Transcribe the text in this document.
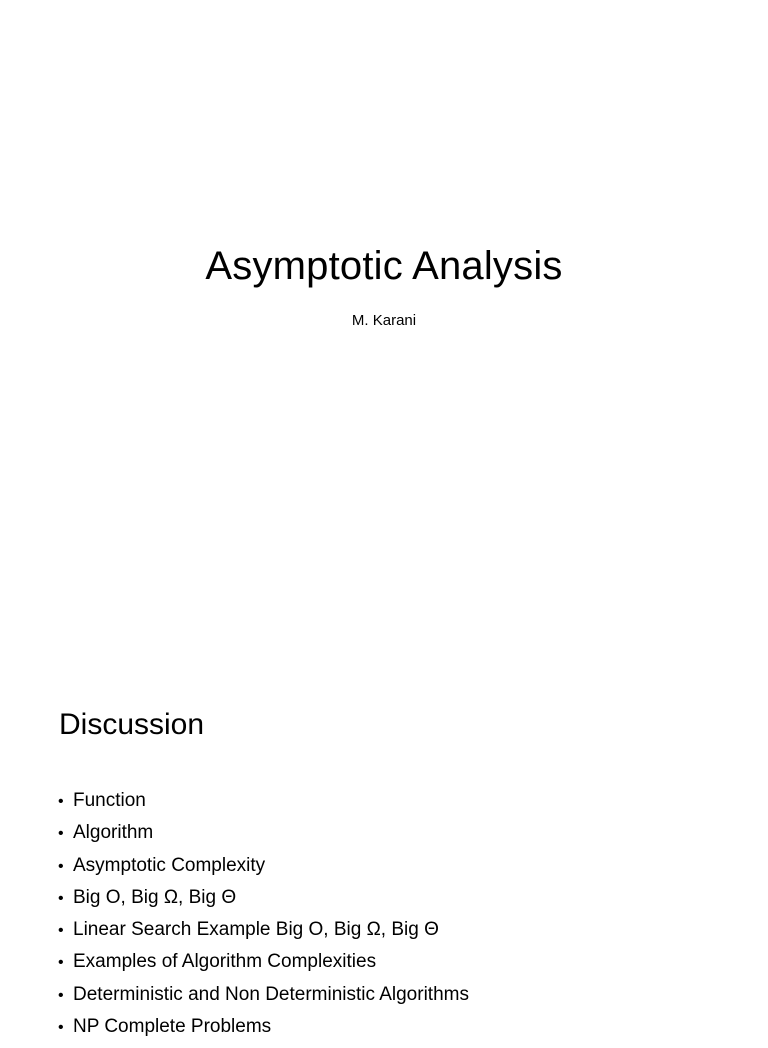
Asymptotic Analysis

M. Karani

Discussion
• Function
• Algorithm
• Asymptotic Complexity
• Big O, Big Ω, Big Θ
• Linear Search Example Big O, Big Ω, Big Θ
• Examples of Algorithm Complexities
• Deterministic and Non Deterministic Algorithms
• NP Complete Problems
